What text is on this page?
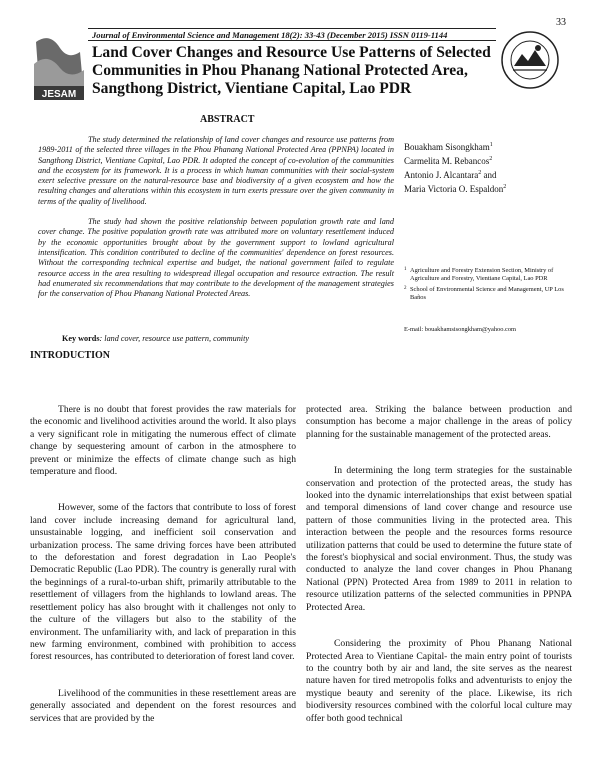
33
Journal of Environmental Science and Management 18(2): 33-43 (December 2015) ISSN 0119-1144
JESAM
Land Cover Changes and Resource Use Patterns of Selected Communities in Phou Phanang National Protected Area, Sangthong District, Vientiane Capital, Lao PDR
ABSTRACT

The study determined the relationship of land cover changes and resource use patterns from 1989-2011 of the selected three villages in the Phou Phanang National Protected Area (PPNPA) located in Sangthong District, Vientiane Capital, Lao PDR. It adopted the concept of co-evolution of the communities and the ecosystem for its framework. It is a process in which human communities with their social-system exert selective pressure on the natural-resource base and biodiversity of a given ecosystem and how the resulting changes and alterations within this ecosystem in turn exerts pressure over the given community in terms of the quality of livelihood.

The study had shown the positive relationship between population growth rate and land cover change. The positive population growth rate was attributed more on voluntary resettlement induced by the economic opportunities brought about by the government support to lowland agricultural intensification. This condition contributed to decline of the communities' dependence on forest resources. Without the corresponding technical expertise and budget, the national government failed to regulate resource access in the area resulting to widespread illegal occupation and resource extraction. The result had enumerated six recommendations that may contribute to the development of the management strategies for the conservation of Phou Phanang National Protected Areas.

Key words: land cover, resource use pattern, community
Bouakham Sisongkham$^1$
Carmelita M. Rebancos$^2$
Antonio J. Alcantara$^2$ and
Maria Victoria O. Espaldon$^2$
1 Agriculture and Forestry Extension Section, Ministry of Agriculture and Forestry, Vientiane Capital, Lao PDR
2 School of Environmental Science and Management, UP Los Baños
E-mail: bouakhamsisongkham@yahoo.com
INTRODUCTION

There is no doubt that forest provides the raw materials for the economic and livelihood activities around the world. It also plays a very significant role in mitigating the numerous effect of climate change by sequestering amount of carbon in the atmosphere to prevent or minimize the effects of climate change such as high temperature and flood.

However, some of the factors that contribute to loss of forest land cover include increasing demand for agricultural land, unsustainable logging, and inefficient soil conservation and urbanization process. The same driving forces have been attributed to the deforestation and forest degradation in Lao People's Democratic Republic (Lao PDR). The country is generally rural with the beginnings of a rural-to-urban shift, primarily attributable to the resettlement of villagers from the highlands to lowland areas. The resettlement policy has also brought with it challenges not only to the culture of the villagers but also to the stability of the environment. The unfamiliarity with, and lack of preparation in this new farming environment, combined with prohibition to access forest resources, has contributed to deterioration of forest land cover.

Livelihood of the communities in these resettlement areas are generally associated and dependent on the forest resources and services that are provided by the

protected area. Striking the balance between production and consumption has become a major challenge in the areas of policy planning for the sustainable management of the protected areas.

In determining the long term strategies for the sustainable conservation and protection of the protected areas, the study has looked into the dynamic interrelationships that exist between spatial and temporal dimensions of land cover change and resource use pattern of those communities living in the protected area. This interaction between the people and the resources forms resource utilization patterns that could be used to determine the future state of the forest's biophysical and social environment. Thus, the study was conducted to analyze the land cover changes in Phou Phanang National (PPN) Protected Area from 1989 to 2011 in relation to resource utilization patterns of the selected communities in PPNPA Protected Area.

Considering the proximity of Phou Phanang National Protected Area to Vientiane Capital- the main entry point of tourists to the country both by air and land, the site serves as the nearest nature haven for tired metropolis folks and adventurists to enjoy the mystique beauty and serenity of the place. Likewise, its rich biodiversity resources combined with the colorful local culture may offer both good technical
